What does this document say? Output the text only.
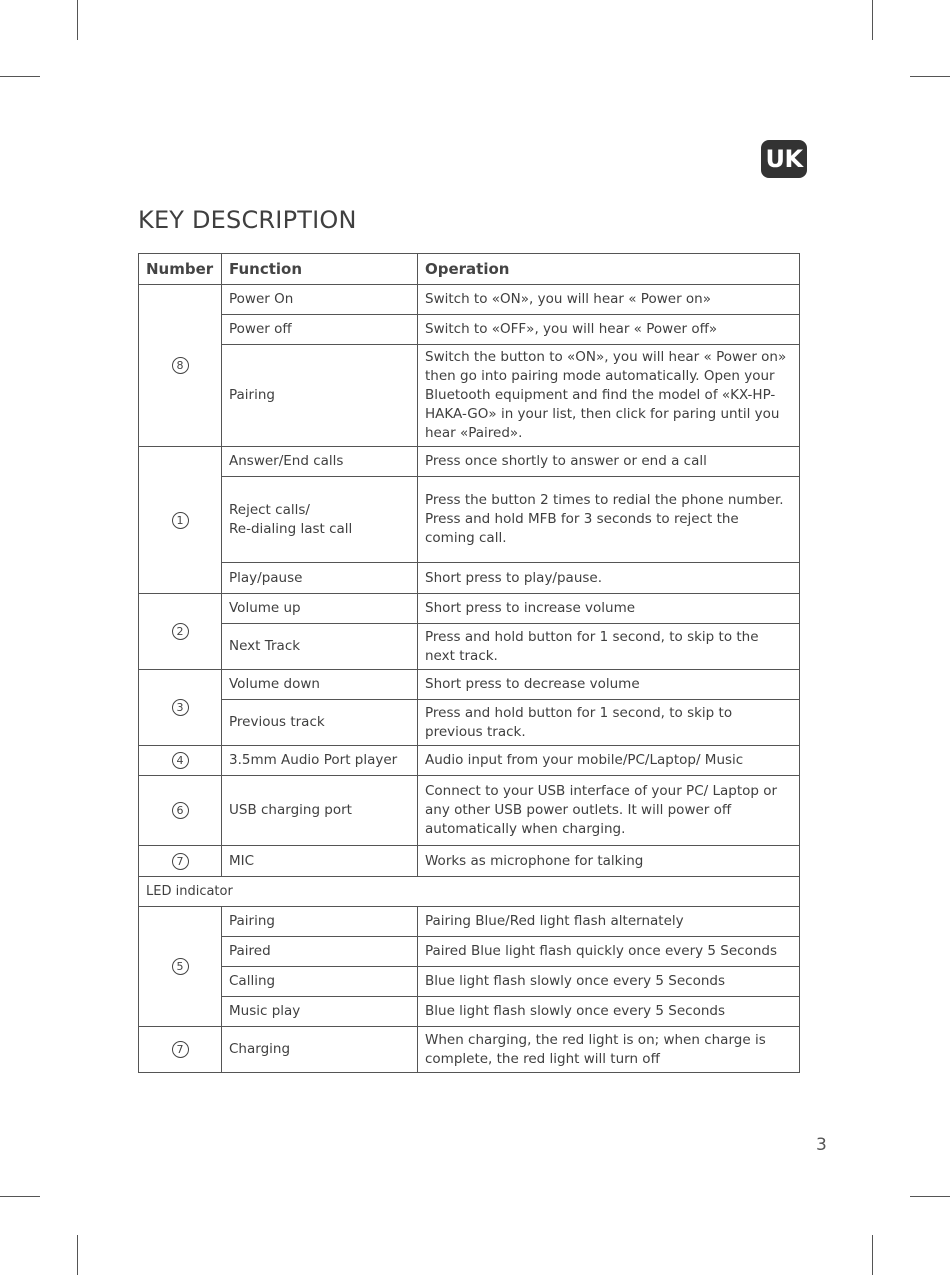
UK
KEY DESCRIPTION
Number	Function	Operation
8	Power On	Switch to «ON», you will hear « Power on»
	Power off	Switch to «OFF», you will hear « Power off»
	Pairing	Switch the button to «ON», you will hear « Power on» then go into pairing mode automatically. Open your Bluetooth equipment and find the model of «KX-HP-HAKA-GO» in your list, then click for paring until you hear «Paired».
1	Answer/End calls	Press once shortly to answer or end a call
	Reject calls/
Re-dialing last call	Press the button 2 times to redial the phone number. Press and hold MFB for 3 seconds to reject the coming call.
	Play/pause	Short press to play/pause.
2	Volume up	Short press to increase volume
	Next Track	Press and hold button for 1 second, to skip to the next track.
3	Volume down	Short press to decrease volume
	Previous track	Press and hold button for 1 second, to skip to previous track.
4	3.5mm Audio Port player	Audio input from your mobile/PC/Laptop/ Music
6	USB charging port	Connect to your USB interface of your PC/ Laptop or any other USB power outlets. It will power off automatically when charging.
7	MIC	Works as microphone for talking
LED indicator		
5	Pairing	Pairing Blue/Red light flash alternately
	Paired	Paired Blue light flash quickly once every 5 Seconds
	Calling	Blue light flash slowly once every 5 Seconds
	Music play	Blue light flash slowly once every 5 Seconds
7	Charging	When charging, the red light is on; when charge is complete, the red light will turn off
3
